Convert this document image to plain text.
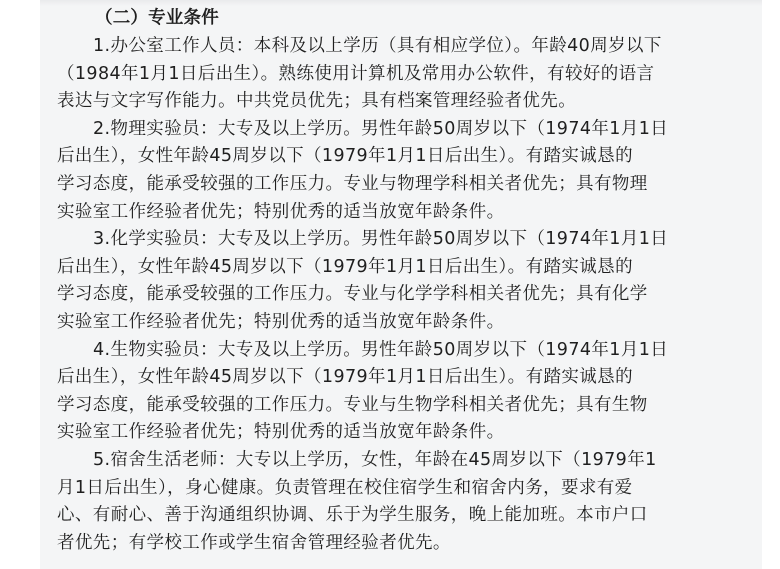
（二）专业条件
1.办公室工作人员：本科及以上学历（具有相应学位）。年龄40周岁以下
（1984年1月1日后出生）。熟练使用计算机及常用办公软件，有较好的语言
表达与文字写作能力。中共党员优先；具有档案管理经验者优先。
2.物理实验员：大专及以上学历。男性年龄50周岁以下（1974年1月1日
后出生），女性年龄45周岁以下（1979年1月1日后出生）。有踏实诚恳的
学习态度，能承受较强的工作压力。专业与物理学科相关者优先；具有物理
实验室工作经验者优先；特别优秀的适当放宽年龄条件。
3.化学实验员：大专及以上学历。男性年龄50周岁以下（1974年1月1日
后出生），女性年龄45周岁以下（1979年1月1日后出生）。有踏实诚恳的
学习态度，能承受较强的工作压力。专业与化学学科相关者优先；具有化学
实验室工作经验者优先；特别优秀的适当放宽年龄条件。
4.生物实验员：大专及以上学历。男性年龄50周岁以下（1974年1月1日
后出生），女性年龄45周岁以下（1979年1月1日后出生）。有踏实诚恳的
学习态度，能承受较强的工作压力。专业与生物学科相关者优先；具有生物
实验室工作经验者优先；特别优秀的适当放宽年龄条件。
5.宿舍生活老师：大专以上学历，女性，年龄在45周岁以下（1979年1
月1日后出生），身心健康。负责管理在校住宿学生和宿舍内务，要求有爱
心、有耐心、善于沟通组织协调、乐于为学生服务，晚上能加班。本市户口
者优先；有学校工作或学生宿舍管理经验者优先。
